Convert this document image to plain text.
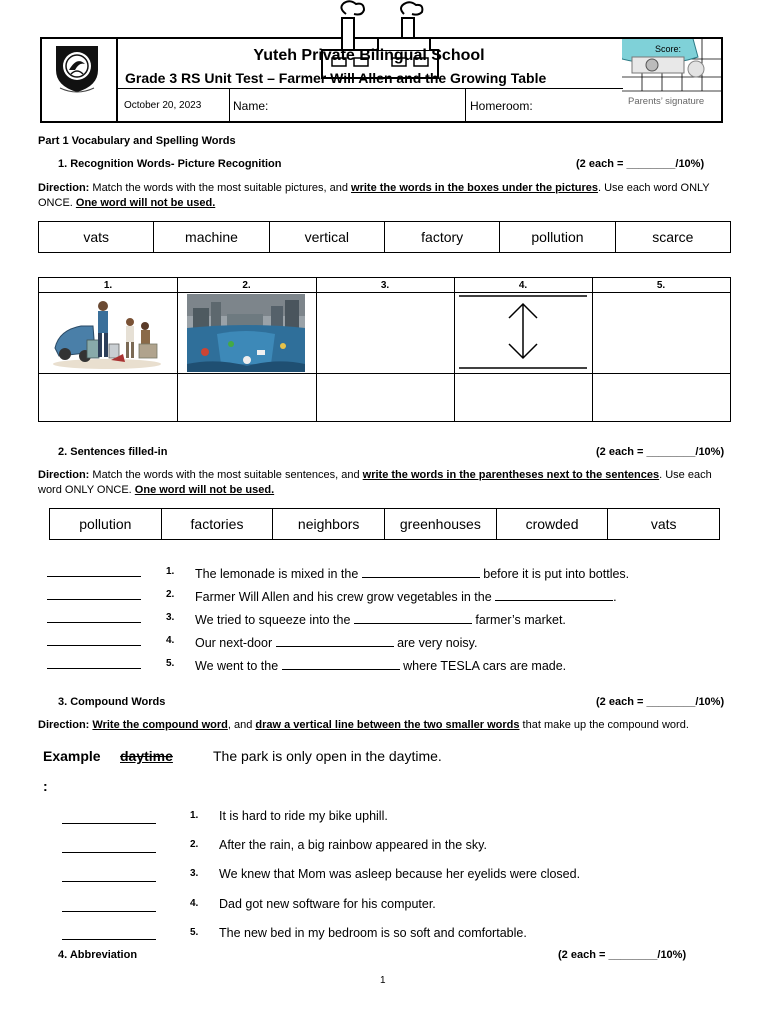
Yuteh Private Bilingual School
Grade 3 RS Unit Test – Farmer Will Allen and the Growing Table
October 20, 2023	Name:	Homeroom:
Score:
Parents’ signature
Part 1 Vocabulary and Spelling Words
1. Recognition Words- Picture Recognition	(2 each = ________/10%)
Direction: Match the words with the most suitable pictures, and write the words in the boxes under the pictures. Use each word ONLY ONCE. One word will not be used.
vats	machine	vertical	factory	pollution	scarce
1.	2.	3.	4.	5.
2. Sentences filled-in	(2 each = ________/10%)
Direction: Match the words with the most suitable sentences, and write the words in the parentheses next to the sentences. Use each word ONLY ONCE. One word will not be used.
pollution	factories	neighbors	greenhouses	crowded	vats
1. The lemonade is mixed in the	before it is put into bottles.
2. Farmer Will Allen and his crew grow vegetables in the	.
3. We tried to squeeze into the	farmer’s market.
4. Our next-door	are very noisy.
5. We went to the	where TESLA cars are made.
3. Compound Words	(2 each = ________/10%)
Direction: Write the compound word, and draw a vertical line between the two smaller words that make up the compound word.
Example daytime	The park is only open in the daytime.
:
1. It is hard to ride my bike uphill.
2. After the rain, a big rainbow appeared in the sky.
3. We knew that Mom was asleep because her eyelids were closed.
4. Dad got new software for his computer.
5. The new bed in my bedroom is so soft and comfortable.
4. Abbreviation	(2 each = ________/10%)
1
